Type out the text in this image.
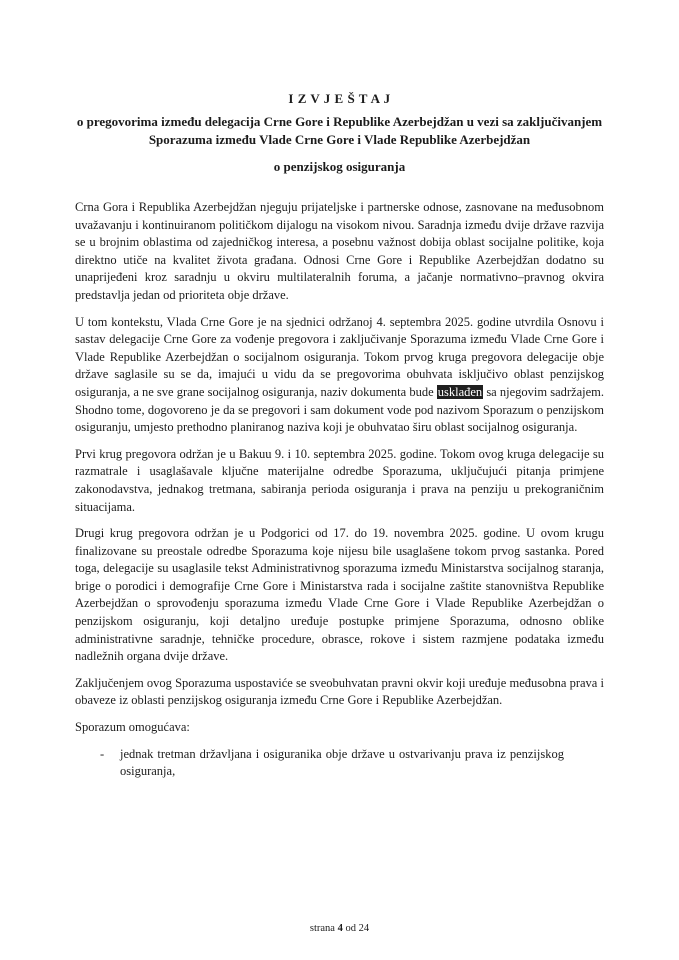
I Z V J E Š T A J
o pregovorima između delegacija Crne Gore i Republike Azerbejdžan u vezi sa zaključivanjem
Sporazuma između Vlade Crne Gore i Vlade Republike Azerbejdžan
o penzijskog osiguranja

Crna Gora i Republika Azerbejdžan njeguju prijateljske i partnerske odnose, zasnovane na međusobnom uvažavanju i kontinuiranom političkom dijalogu na visokom nivou. Saradnja između dvije države razvija se u brojnim oblastima od zajedničkog interesa, a posebnu važnost dobija oblast socijalne politike, koja direktno utiče na kvalitet života građana. Odnosi Crne Gore i Republike Azerbejdžan dodatno su unaprijeđeni kroz saradnju u okviru multilateralnih foruma, a jačanje normativno–pravnog okvira predstavlja jedan od prioriteta obje države.

U tom kontekstu, Vlada Crne Gore je na sjednici održanoj 4. septembra 2025. godine utvrdila Osnovu i sastav delegacije Crne Gore za vođenje pregovora i zaključivanje Sporazuma između Vlade Crne Gore i Vlade Republike Azerbejdžan o socijalnom osiguranja. Tokom prvog kruga pregovora delegacije obje države saglasile su se da, imajući u vidu da se pregovorima obuhvata isključivo oblast penzijskog osiguranja, a ne sve grane socijalnog osiguranja, naziv dokumenta bude usklađen sa njegovim sadržajem. Shodno tome, dogovoreno je da se pregovori i sam dokument vode pod nazivom Sporazum o penzijskom osiguranju, umjesto prethodno planiranog naziva koji je obuhvatao širu oblast socijalnog osiguranja.

Prvi krug pregovora održan je u Bakuu 9. i 10. septembra 2025. godine. Tokom ovog kruga delegacije su razmatrale i usaglašavale ključne materijalne odredbe Sporazuma, uključujući pitanja primjene zakonodavstva, jednakog tretmana, sabiranja perioda osiguranja i prava na penziju u prekograničnim situacijama.

Drugi krug pregovora održan je u Podgorici od 17. do 19. novembra 2025. godine. U ovom krugu finalizovane su preostale odredbe Sporazuma koje nijesu bile usaglašene tokom prvog sastanka. Pored toga, delegacije su usaglasile tekst Administrativnog sporazuma između Ministarstva socijalnog staranja, brige o porodici i demografije Crne Gore i Ministarstva rada i socijalne zaštite stanovništva Republike Azerbejdžan o sprovođenju sporazuma između Vlade Crne Gore i Vlade Republike Azerbejdžan o penzijskom osiguranju, koji detaljno uređuje postupke primjene Sporazuma, odnosno oblike administrativne saradnje, tehničke procedure, obrasce, rokove i sistem razmjene podataka između nadležnih organa dvije države.

Zaključenjem ovog Sporazuma uspostaviće se sveobuhvatan pravni okvir koji uređuje međusobna prava i obaveze iz oblasti penzijskog osiguranja između Crne Gore i Republike Azerbejdžan.

Sporazum omogućava:

-	jednak tretman državljana i osiguranika obje države u ostvarivanju prava iz penzijskog osiguranja,
strana 4 od 24
